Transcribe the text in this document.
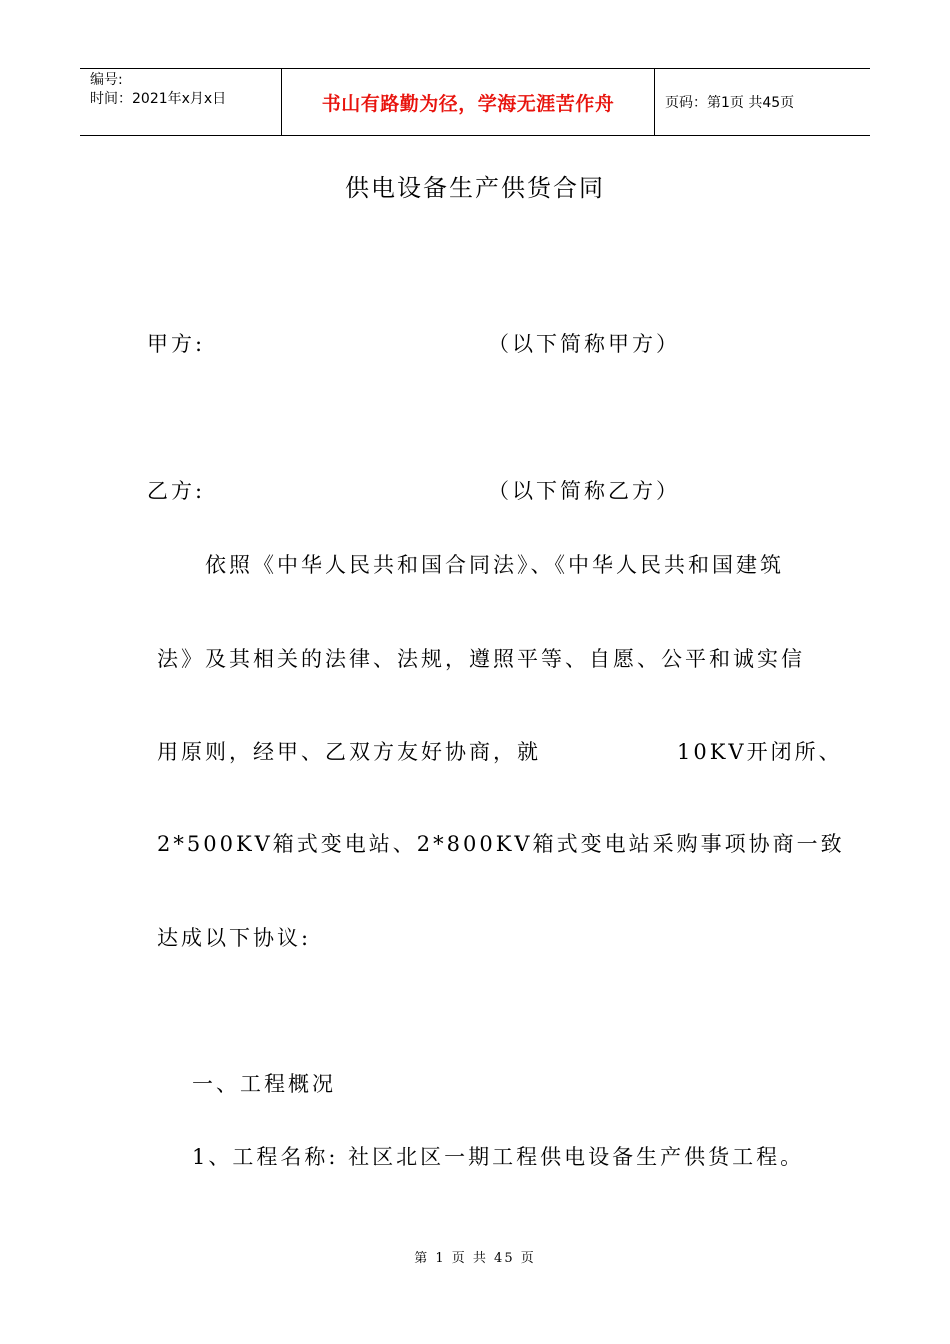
编号:
时间：2021年x月x日	书山有路勤为径，学海无涯苦作舟	页码：第1页 共45页
供电设备生产供货合同
甲方:	（以下简称甲方）
乙方:	（以下简称乙方）
依照《中华人民共和国合同法》、《中华人民共和国建筑
法》及其相关的法律、法规，遵照平等、自愿、公平和诚实信
用原则，经甲、乙双方友好协商，就	10KV开闭所、
2*500KV箱式变电站、2*800KV箱式变电站采购事项协商一致
达成以下协议:
一、工程概况
1、工程名称: 社区北区一期工程供电设备生产供货工程。
第 1 页 共 45 页
